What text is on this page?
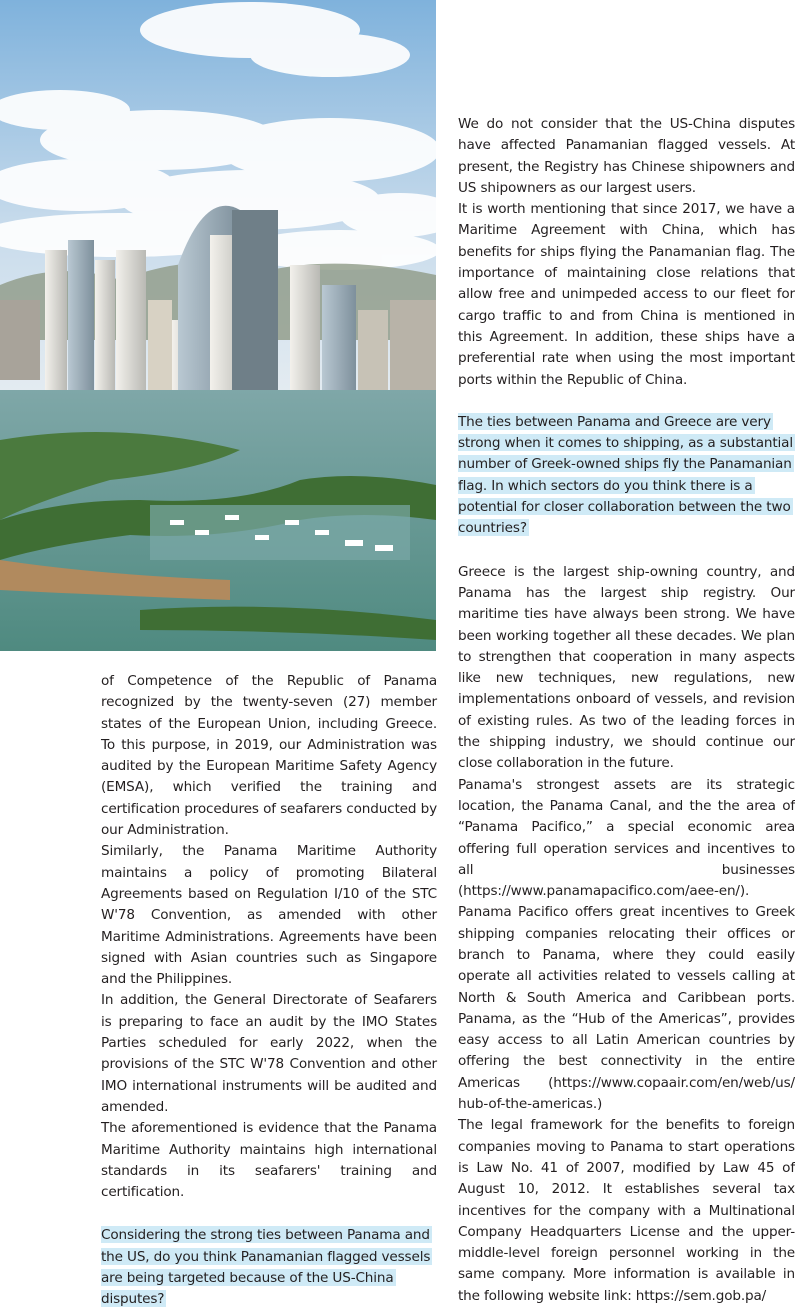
of Competence of the Republic of Panama recognized by the twenty-seven (27) member states of the European Union, including Greece. To this purpose, in 2019, our Administration was audited by the European Maritime Safety Agency (EMSA), which verified the training and certification procedures of seafarers conducted by our Administration.

Similarly, the Panama Maritime Authority maintains a policy of promoting Bilateral Agreements based on Regulation I/10 of the STC W'78 Convention, as amended with other Maritime Administrations. Agreements have been signed with Asian countries such as Singapore and the Philippines.

In addition, the General Directorate of Seafarers is preparing to face an audit by the IMO States Parties scheduled for early 2022, when the provisions of the STC W'78 Convention and other IMO international instruments will be audited and amended.

The aforementioned is evidence that the Panama Maritime Authority maintains high international standards in its seafarers' training and certification.

Considering the strong ties between Panama and the US, do you think Panamanian flagged vessels are being targeted because of the US-China disputes?

We do not consider that the US-China disputes have affected Panamanian flagged vessels. At present, the Registry has Chinese shipowners and US shipowners as our largest users.

It is worth mentioning that since 2017, we have a Maritime Agreement with China, which has benefits for ships flying the Panamanian flag. The importance of maintaining close relations that allow free and unimpeded access to our fleet for cargo traffic to and from China is mentioned in this Agreement. In addition, these ships have a preferential rate when using the most important ports within the Republic of China.

The ties between Panama and Greece are very strong when it comes to shipping, as a substantial number of Greek-owned ships fly the Panamanian flag. In which sectors do you think there is a potential for closer collaboration between the two countries?

Greece is the largest ship-owning country, and Panama has the largest ship registry. Our maritime ties have always been strong. We have been working together all these decades. We plan to strengthen that cooperation in many aspects like new techniques, new regulations, new implementations onboard of vessels, and revision of existing rules. As two of the leading forces in the shipping industry, we should continue our close collaboration in the future.

Panama's strongest assets are its strategic location, the Panama Canal, and the the area of “Panama Pacifico,” a special economic area offering full operation services and incentives to all businesses (https://www.panamapacifico.com/aee-en/). Panama Pacifico offers great incentives to Greek shipping companies relocating their offices or branch to Panama, where they could easily operate all activities related to vessels calling at North & South America and Caribbean ports. Panama, as the “Hub of the Americas”, provides easy access to all Latin American countries by offering the best connectivity in the entire Americas (https://www.copaair.com/en/web/us/ hub-of-the-americas.)

The legal framework for the benefits to foreign companies moving to Panama to start operations is Law No. 41 of 2007, modified by Law 45 of August 10, 2012. It establishes several tax incentives for the company with a Multinational Company Headquarters License and the upper-middle-level foreign personnel working in the same company. More information is available in the following website link: https://sem.gob.pa/
